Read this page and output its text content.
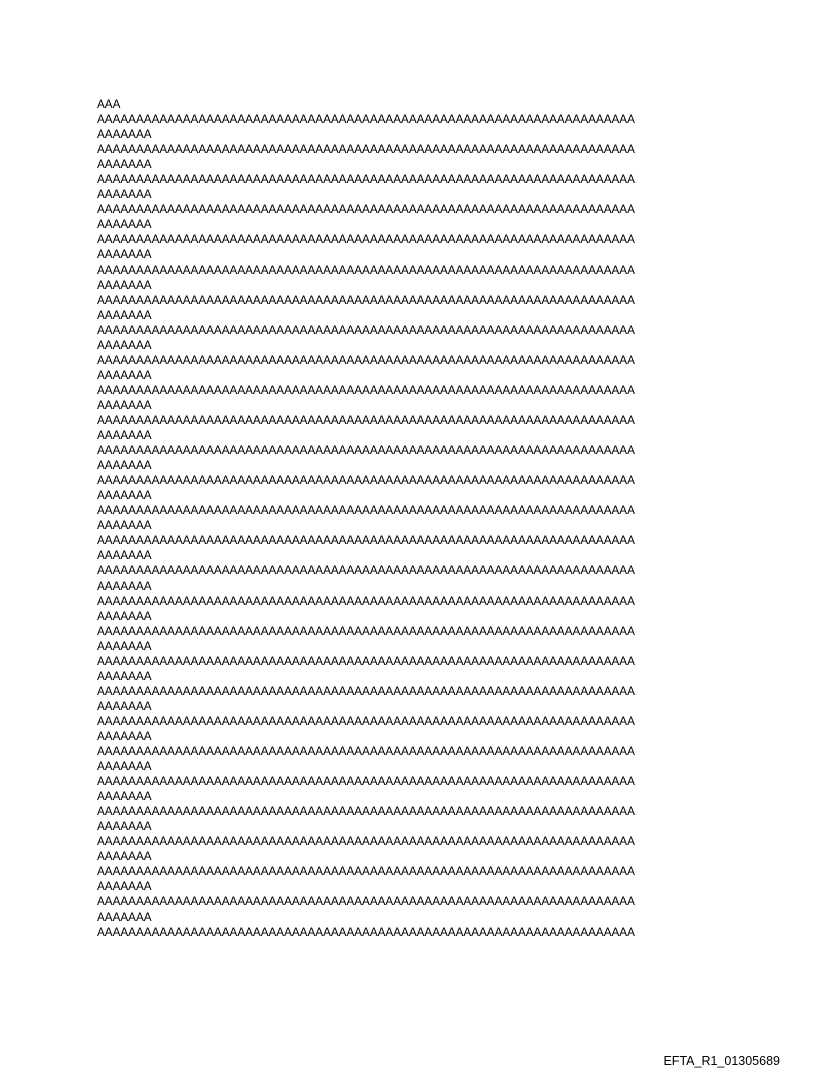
AAA
AAAAAAAAAAAAAAAAAAAAAAAAAAAAAAAAAAAAAAAAAAAAAAAAAAAAAAAAAAAAAAAAAAAAA
AAAAAAA
AAAAAAAAAAAAAAAAAAAAAAAAAAAAAAAAAAAAAAAAAAAAAAAAAAAAAAAAAAAAAAAAAAAAA
AAAAAAA
AAAAAAAAAAAAAAAAAAAAAAAAAAAAAAAAAAAAAAAAAAAAAAAAAAAAAAAAAAAAAAAAAAAAA
AAAAAAA
AAAAAAAAAAAAAAAAAAAAAAAAAAAAAAAAAAAAAAAAAAAAAAAAAAAAAAAAAAAAAAAAAAAAA
AAAAAAA
AAAAAAAAAAAAAAAAAAAAAAAAAAAAAAAAAAAAAAAAAAAAAAAAAAAAAAAAAAAAAAAAAAAAA
AAAAAAA
AAAAAAAAAAAAAAAAAAAAAAAAAAAAAAAAAAAAAAAAAAAAAAAAAAAAAAAAAAAAAAAAAAAAA
AAAAAAA
AAAAAAAAAAAAAAAAAAAAAAAAAAAAAAAAAAAAAAAAAAAAAAAAAAAAAAAAAAAAAAAAAAAAA
AAAAAAA
AAAAAAAAAAAAAAAAAAAAAAAAAAAAAAAAAAAAAAAAAAAAAAAAAAAAAAAAAAAAAAAAAAAAA
AAAAAAA
AAAAAAAAAAAAAAAAAAAAAAAAAAAAAAAAAAAAAAAAAAAAAAAAAAAAAAAAAAAAAAAAAAAAA
AAAAAAA
AAAAAAAAAAAAAAAAAAAAAAAAAAAAAAAAAAAAAAAAAAAAAAAAAAAAAAAAAAAAAAAAAAAAA
AAAAAAA
AAAAAAAAAAAAAAAAAAAAAAAAAAAAAAAAAAAAAAAAAAAAAAAAAAAAAAAAAAAAAAAAAAAAA
AAAAAAA
AAAAAAAAAAAAAAAAAAAAAAAAAAAAAAAAAAAAAAAAAAAAAAAAAAAAAAAAAAAAAAAAAAAAA
AAAAAAA
AAAAAAAAAAAAAAAAAAAAAAAAAAAAAAAAAAAAAAAAAAAAAAAAAAAAAAAAAAAAAAAAAAAAA
AAAAAAA
AAAAAAAAAAAAAAAAAAAAAAAAAAAAAAAAAAAAAAAAAAAAAAAAAAAAAAAAAAAAAAAAAAAAA
AAAAAAA
AAAAAAAAAAAAAAAAAAAAAAAAAAAAAAAAAAAAAAAAAAAAAAAAAAAAAAAAAAAAAAAAAAAAA
AAAAAAA
AAAAAAAAAAAAAAAAAAAAAAAAAAAAAAAAAAAAAAAAAAAAAAAAAAAAAAAAAAAAAAAAAAAAA
AAAAAAA
AAAAAAAAAAAAAAAAAAAAAAAAAAAAAAAAAAAAAAAAAAAAAAAAAAAAAAAAAAAAAAAAAAAAA
AAAAAAA
AAAAAAAAAAAAAAAAAAAAAAAAAAAAAAAAAAAAAAAAAAAAAAAAAAAAAAAAAAAAAAAAAAAAA
AAAAAAA
AAAAAAAAAAAAAAAAAAAAAAAAAAAAAAAAAAAAAAAAAAAAAAAAAAAAAAAAAAAAAAAAAAAAA
AAAAAAA
AAAAAAAAAAAAAAAAAAAAAAAAAAAAAAAAAAAAAAAAAAAAAAAAAAAAAAAAAAAAAAAAAAAAA
AAAAAAA
AAAAAAAAAAAAAAAAAAAAAAAAAAAAAAAAAAAAAAAAAAAAAAAAAAAAAAAAAAAAAAAAAAAAA
AAAAAAA
AAAAAAAAAAAAAAAAAAAAAAAAAAAAAAAAAAAAAAAAAAAAAAAAAAAAAAAAAAAAAAAAAAAAA
AAAAAAA
AAAAAAAAAAAAAAAAAAAAAAAAAAAAAAAAAAAAAAAAAAAAAAAAAAAAAAAAAAAAAAAAAAAAA
AAAAAAA
AAAAAAAAAAAAAAAAAAAAAAAAAAAAAAAAAAAAAAAAAAAAAAAAAAAAAAAAAAAAAAAAAAAAA
AAAAAAA
AAAAAAAAAAAAAAAAAAAAAAAAAAAAAAAAAAAAAAAAAAAAAAAAAAAAAAAAAAAAAAAAAAAAA
AAAAAAA
AAAAAAAAAAAAAAAAAAAAAAAAAAAAAAAAAAAAAAAAAAAAAAAAAAAAAAAAAAAAAAAAAAAAA
AAAAAAA
AAAAAAAAAAAAAAAAAAAAAAAAAAAAAAAAAAAAAAAAAAAAAAAAAAAAAAAAAAAAAAAAAAAAA
AAAAAAA
AAAAAAAAAAAAAAAAAAAAAAAAAAAAAAAAAAAAAAAAAAAAAAAAAAAAAAAAAAAAAAAAAAAAA
EFTA_R1_01305689
